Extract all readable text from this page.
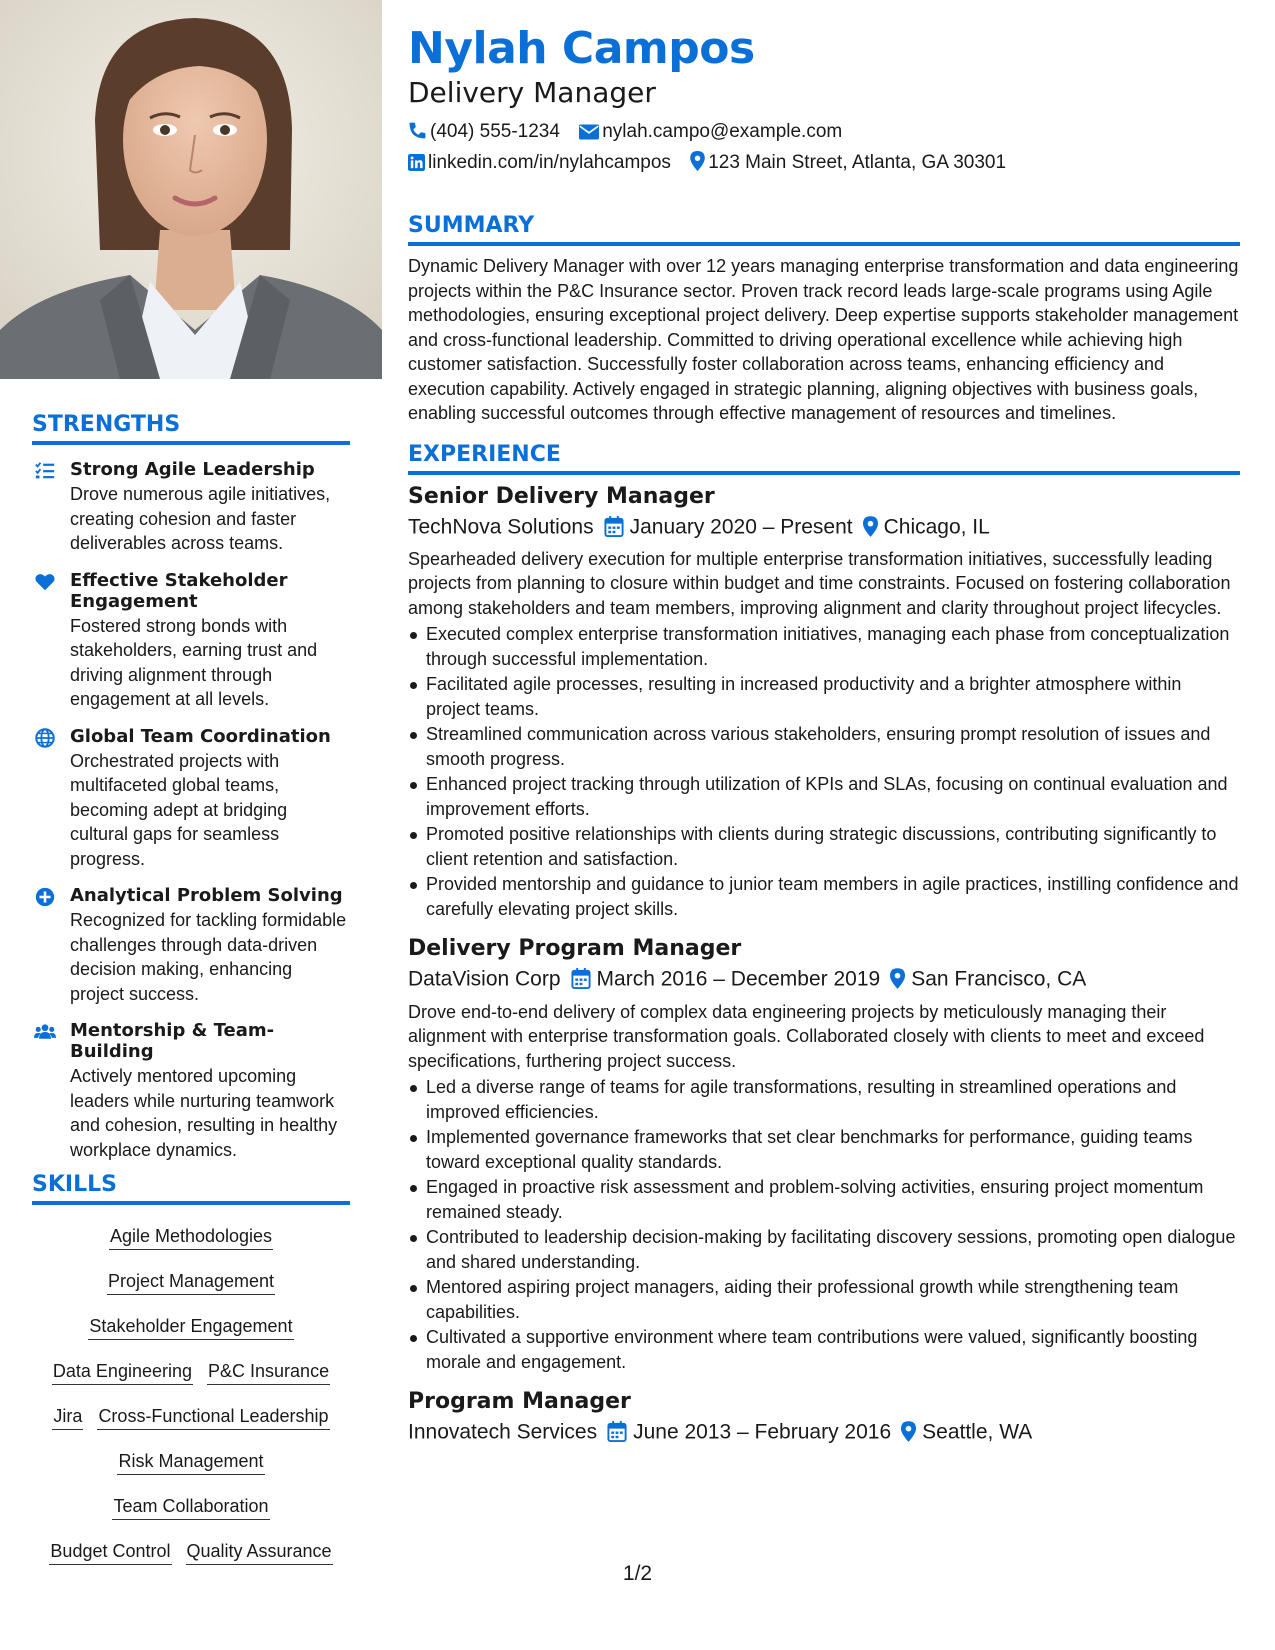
STRENGTHS
Strong Agile Leadership
Drove numerous agile initiatives, creating cohesion and faster deliverables across teams.
Effective Stakeholder Engagement
Fostered strong bonds with stakeholders, earning trust and driving alignment through engagement at all levels.
Global Team Coordination
Orchestrated projects with multifaceted global teams, becoming adept at bridging cultural gaps for seamless progress.
Analytical Problem Solving
Recognized for tackling formidable challenges through data-driven decision making, enhancing project success.
Mentorship & Team-Building
Actively mentored upcoming leaders while nurturing teamwork and cohesion, resulting in healthy workplace dynamics.
SKILLS
Agile Methodologies
Project Management
Stakeholder Engagement
Data Engineering P&C Insurance
Jira Cross-Functional Leadership
Risk Management
Team Collaboration
Budget Control Quality Assurance
Nylah Campos
Delivery Manager
(404) 555-1234 nylah.campo@example.com
linkedin.com/in/nylahcampos 123 Main Street, Atlanta, GA 30301
SUMMARY
Dynamic Delivery Manager with over 12 years managing enterprise transformation and data engineering projects within the P&C Insurance sector. Proven track record leads large-scale programs using Agile methodologies, ensuring exceptional project delivery. Deep expertise supports stakeholder management and cross-functional leadership. Committed to driving operational excellence while achieving high customer satisfaction. Successfully foster collaboration across teams, enhancing efficiency and execution capability. Actively engaged in strategic planning, aligning objectives with business goals, enabling successful outcomes through effective management of resources and timelines.
EXPERIENCE
Senior Delivery Manager
TechNova Solutions January 2020 – Present Chicago, IL
Spearheaded delivery execution for multiple enterprise transformation initiatives, successfully leading projects from planning to closure within budget and time constraints. Focused on fostering collaboration among stakeholders and team members, improving alignment and clarity throughout project lifecycles.
Executed complex enterprise transformation initiatives, managing each phase from conceptualization through successful implementation.
Facilitated agile processes, resulting in increased productivity and a brighter atmosphere within project teams.
Streamlined communication across various stakeholders, ensuring prompt resolution of issues and smooth progress.
Enhanced project tracking through utilization of KPIs and SLAs, focusing on continual evaluation and improvement efforts.
Promoted positive relationships with clients during strategic discussions, contributing significantly to client retention and satisfaction.
Provided mentorship and guidance to junior team members in agile practices, instilling confidence and carefully elevating project skills.
Delivery Program Manager
DataVision Corp March 2016 – December 2019 San Francisco, CA
Drove end-to-end delivery of complex data engineering projects by meticulously managing their alignment with enterprise transformation goals. Collaborated closely with clients to meet and exceed specifications, furthering project success.
Led a diverse range of teams for agile transformations, resulting in streamlined operations and improved efficiencies.
Implemented governance frameworks that set clear benchmarks for performance, guiding teams toward exceptional quality standards.
Engaged in proactive risk assessment and problem-solving activities, ensuring project momentum remained steady.
Contributed to leadership decision-making by facilitating discovery sessions, promoting open dialogue and shared understanding.
Mentored aspiring project managers, aiding their professional growth while strengthening team capabilities.
Cultivated a supportive environment where team contributions were valued, significantly boosting morale and engagement.
Program Manager
Innovatech Services June 2013 – February 2016 Seattle, WA
1/2
